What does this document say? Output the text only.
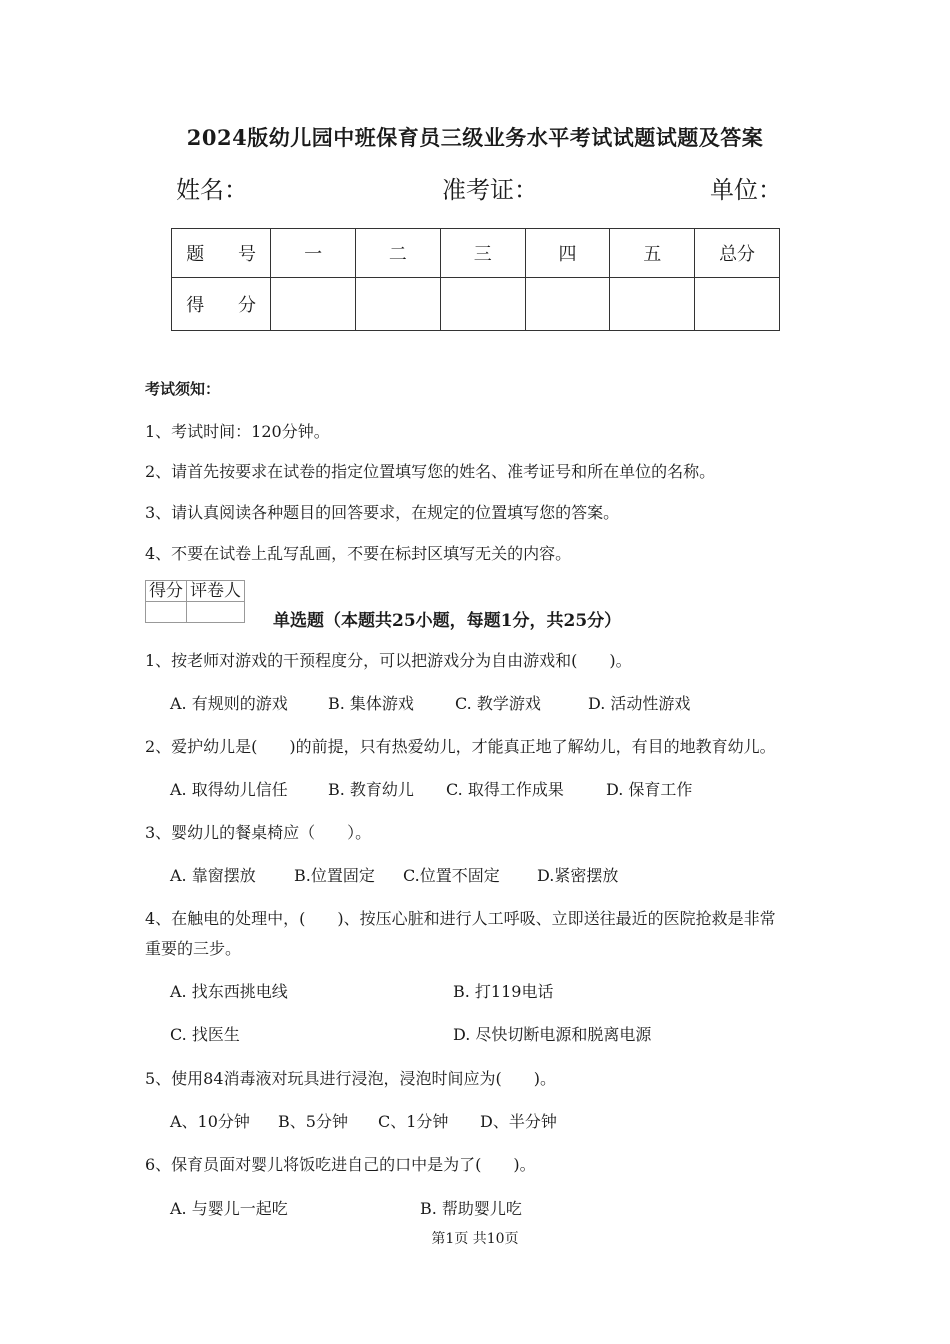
2024版幼儿园中班保育员三级业务水平考试试题试题及答案
姓名：	准考证：	单位：
题 号	一	二	三	四	五	总分
得 分						
考试须知：
1、考试时间：120分钟。
2、请首先按要求在试卷的指定位置填写您的姓名、准考证号和所在单位的名称。
3、请认真阅读各种题目的回答要求，在规定的位置填写您的答案。
4、不要在试卷上乱写乱画，不要在标封区填写无关的内容。
得分	评卷人

单选题（本题共25小题，每题1分，共25分）
1、按老师对游戏的干预程度分，可以把游戏分为自由游戏和(　　)。
A. 有规则的游戏	B. 集体游戏	C. 教学游戏	D. 活动性游戏
2、爱护幼儿是(　　)的前提，只有热爱幼儿，才能真正地了解幼儿，有目的地教育幼儿。
A. 取得幼儿信任	B. 教育幼儿 C. 取得工作成果	D. 保育工作
3、婴幼儿的餐桌椅应（　　）。
A. 靠窗摆放 B.位置固定 C.位置不固定 D.紧密摆放
4、在触电的处理中，(　　)、按压心脏和进行人工呼吸、立即送往最近的医院抢救是非常
重要的三步。
A. 找东西挑电线	B. 打119电话
C. 找医生	D. 尽快切断电源和脱离电源
5、使用84消毒液对玩具进行浸泡，浸泡时间应为(　　)。
A、10分钟 B、5分钟 C、1分钟 D、半分钟
6、保育员面对婴儿将饭吃进自己的口中是为了(　　)。
A. 与婴儿一起吃	B. 帮助婴儿吃
第1页 共10页
